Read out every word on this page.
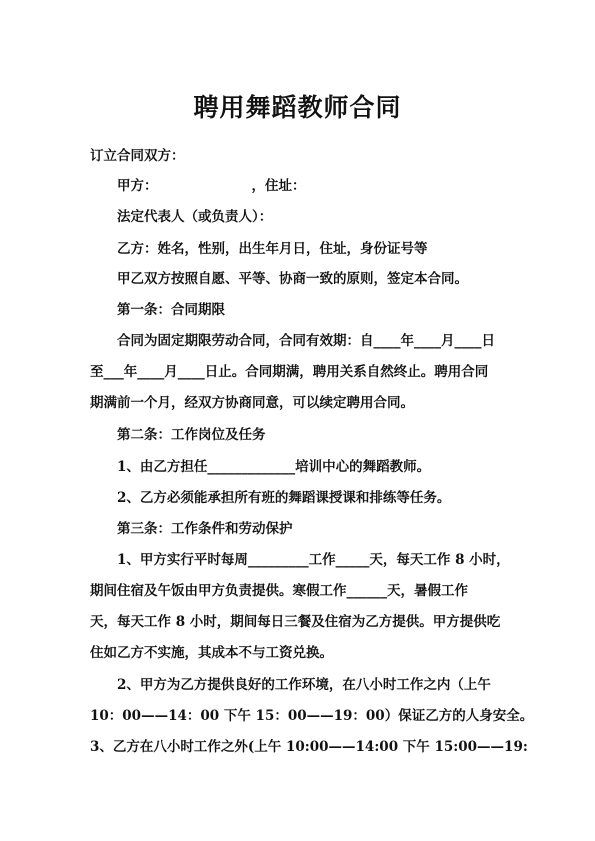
聘用舞蹈教师合同

订立合同双方：

甲方：                    ，住址：

法定代表人（或负责人）：

乙方：姓名，性别，出生年月日，住址，身份证号等

甲乙双方按照自愿、平等、协商一致的原则，签定本合同。

第一条：合同期限

合同为固定期限劳动合同，合同有效期：自____年____月____日
至___年____月____日止。合同期满，聘用关系自然终止。聘用合同
期满前一个月，经双方协商同意，可以续定聘用合同。

第二条：工作岗位及任务

1、由乙方担任_____________培训中心的舞蹈教师。

2、乙方必须能承担所有班的舞蹈课授课和排练等任务。

第三条：工作条件和劳动保护

1、甲方实行平时每周_________工作_____天，每天工作 8 小时，
期间住宿及午饭由甲方负责提供。寒假工作______天，暑假工作
天，每天工作 8 小时，期间每日三餐及住宿为乙方提供。甲方提供吃
住如乙方不实施，其成本不与工资兑换。
2、甲方为乙方提供良好的工作环境，在八小时工作之内（上午
10：00——14：00 下午 15：00——19：00）保证乙方的人身安全。

3、乙方在八小时工作之外(上午 10:00——14:00 下午 15:00——19:
